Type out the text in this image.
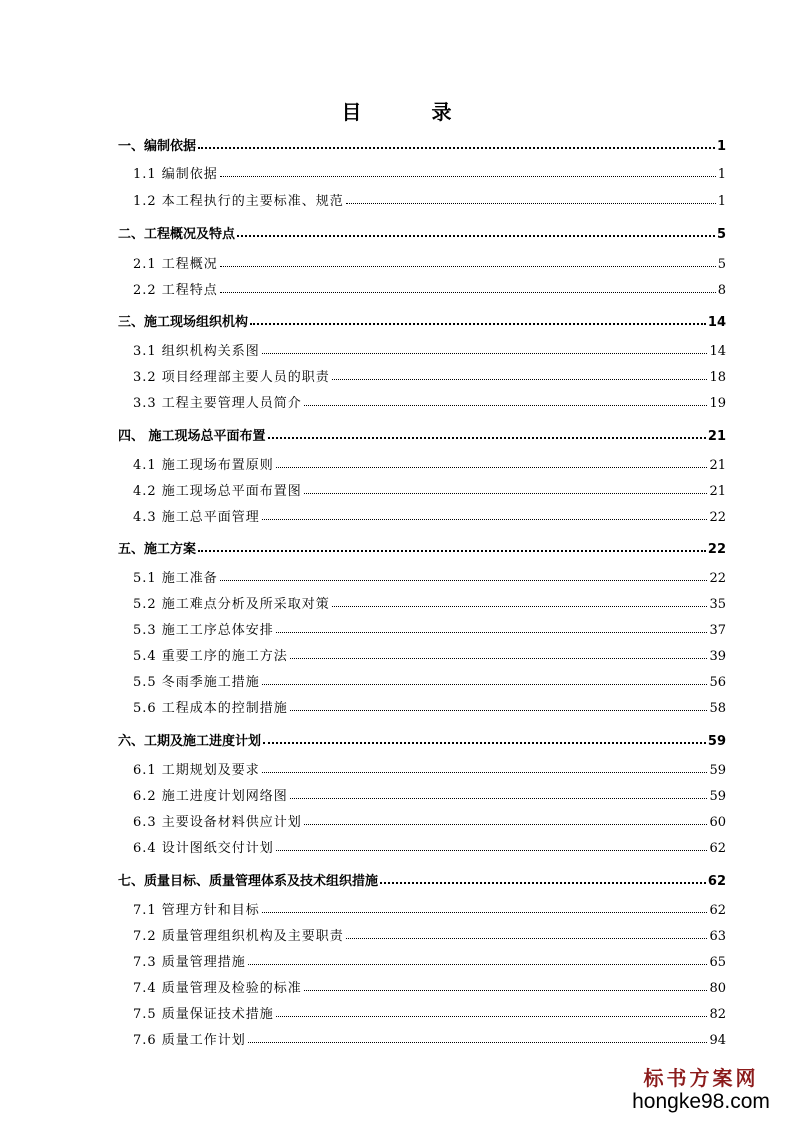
目录
一、编制依据	1
1.1 编制依据	1
1.2 本工程执行的主要标准、规范	1
二、工程概况及特点	5
2.1 工程概况	5
2.2 工程特点	8
三、施工现场组织机构	14
3.1 组织机构关系图	14
3.2 项目经理部主要人员的职责	18
3.3 工程主要管理人员简介	19
四、 施工现场总平面布置	21
4.1 施工现场布置原则	21
4.2 施工现场总平面布置图	21
4.3 施工总平面管理	22
五、施工方案	22
5.1 施工准备	22
5.2 施工难点分析及所采取对策	35
5.3 施工工序总体安排	37
5.4 重要工序的施工方法	39
5.5 冬雨季施工措施	56
5.6 工程成本的控制措施	58
六、工期及施工进度计划	59
6.1 工期规划及要求	59
6.2 施工进度计划网络图	59
6.3 主要设备材料供应计划	60
6.4 设计图纸交付计划	62
七、质量目标、质量管理体系及技术组织措施	62
7.1 管理方针和目标	62
7.2 质量管理组织机构及主要职责	63
7.3 质量管理措施	65
7.4 质量管理及检验的标准	80
7.5 质量保证技术措施	82
7.6 质量工作计划	94
标书方案网
hongke98.com
